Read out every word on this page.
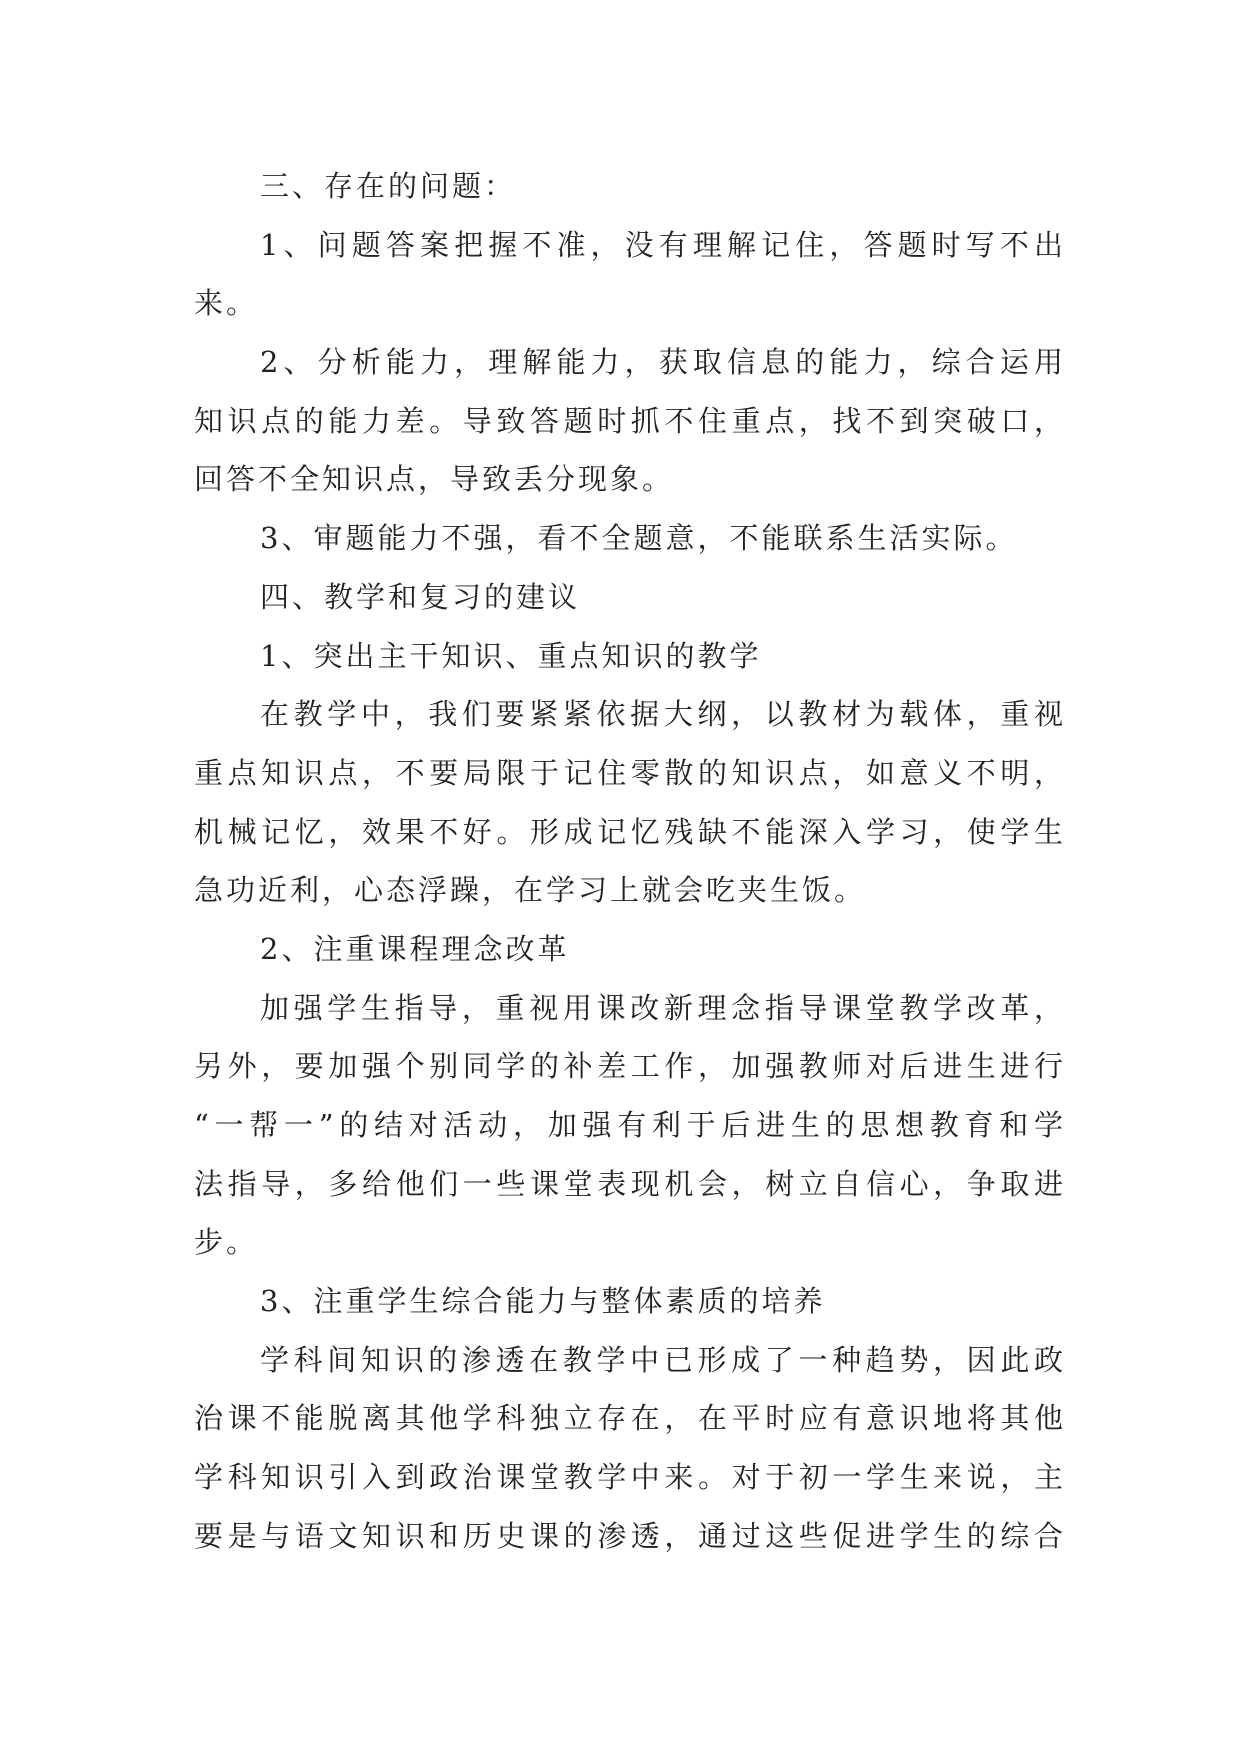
三、存在的问题：
1、问题答案把握不准，没有理解记住，答题时写不出
来。
2、分析能力，理解能力，获取信息的能力，综合运用
知识点的能力差。导致答题时抓不住重点，找不到突破口，
回答不全知识点，导致丢分现象。
3、审题能力不强，看不全题意，不能联系生活实际。
四、教学和复习的建议
1、突出主干知识、重点知识的教学
在教学中，我们要紧紧依据大纲，以教材为载体，重视
重点知识点，不要局限于记住零散的知识点，如意义不明，
机械记忆，效果不好。形成记忆残缺不能深入学习，使学生
急功近利，心态浮躁，在学习上就会吃夹生饭。
2、注重课程理念改革
加强学生指导，重视用课改新理念指导课堂教学改革，
另外，要加强个别同学的补差工作，加强教师对后进生进行
“一帮一”的结对活动，加强有利于后进生的思想教育和学
法指导，多给他们一些课堂表现机会，树立自信心，争取进
步。
3、注重学生综合能力与整体素质的培养
学科间知识的渗透在教学中已形成了一种趋势，因此政
治课不能脱离其他学科独立存在，在平时应有意识地将其他
学科知识引入到政治课堂教学中来。对于初一学生来说，主
要是与语文知识和历史课的渗透，通过这些促进学生的综合
